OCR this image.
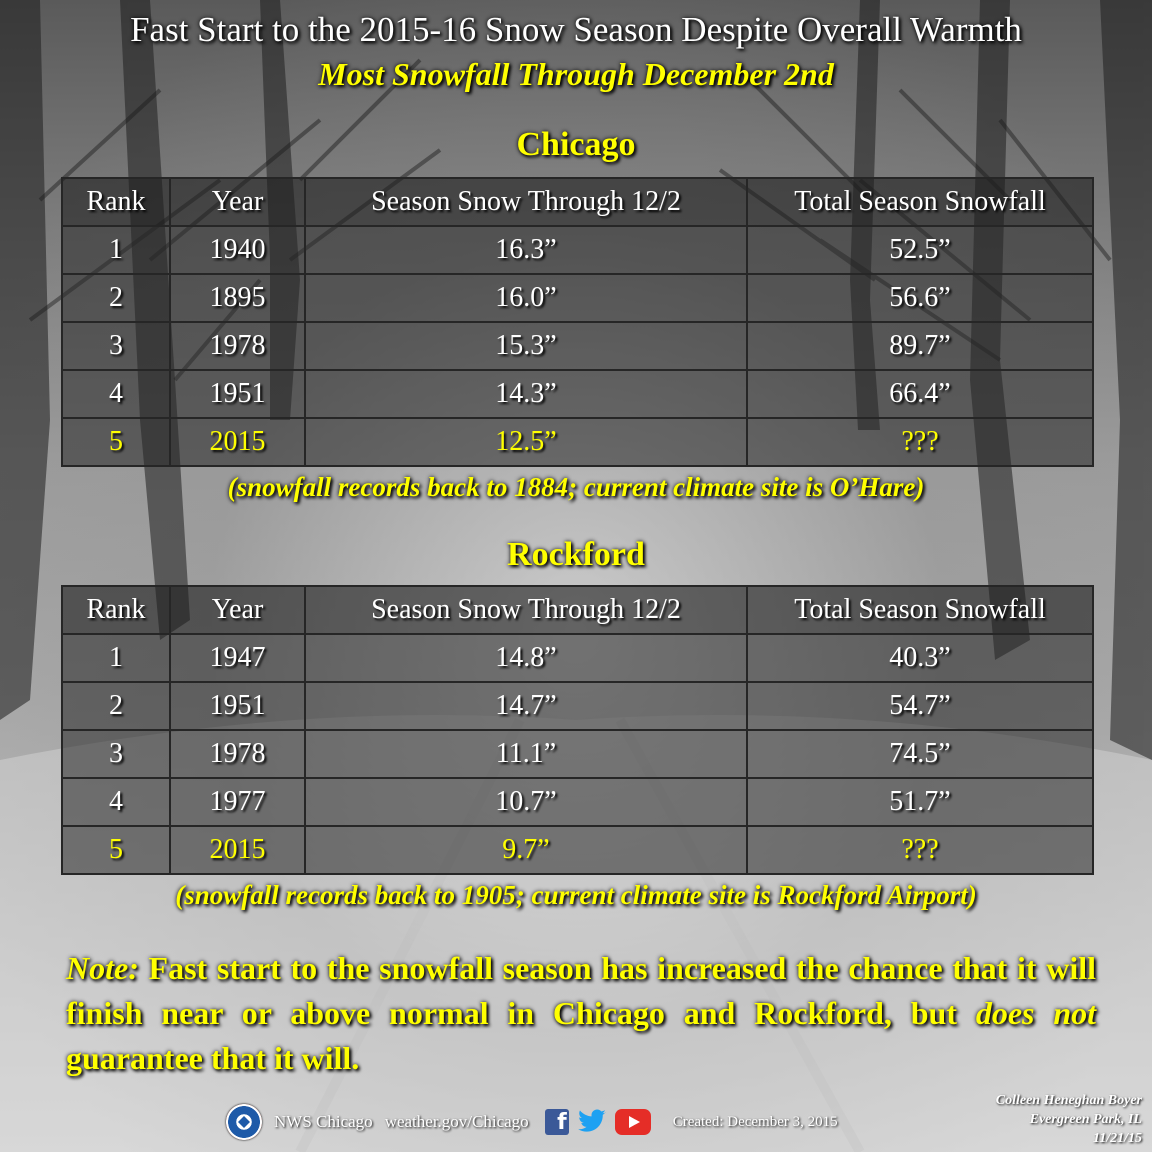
Fast Start to the 2015-16 Snow Season Despite Overall Warmth
Most Snowfall Through December 2nd
Chicago
Rank	Year	Season Snow Through 12/2	Total Season Snowfall
1	1940	16.3”	52.5”
2	1895	16.0”	56.6”
3	1978	15.3”	89.7”
4	1951	14.3”	66.4”
5	2015	12.5”	???
(snowfall records back to 1884; current climate site is O’Hare)
Rockford
Rank	Year	Season Snow Through 12/2	Total Season Snowfall
1	1947	14.8”	40.3”
2	1951	14.7”	54.7”
3	1978	11.1”	74.5”
4	1977	10.7”	51.7”
5	2015	9.7”	???
(snowfall records back to 1905; current climate site is Rockford Airport)
Note: Fast start to the snowfall season has increased the chance that it will finish near or above normal in Chicago and Rockford, but does not guarantee that it will.
NWS Chicago weather.gov/Chicago	f	Created: December 3, 2015
Colleen Heneghan Boyer
Evergreen Park, IL
11/21/15
